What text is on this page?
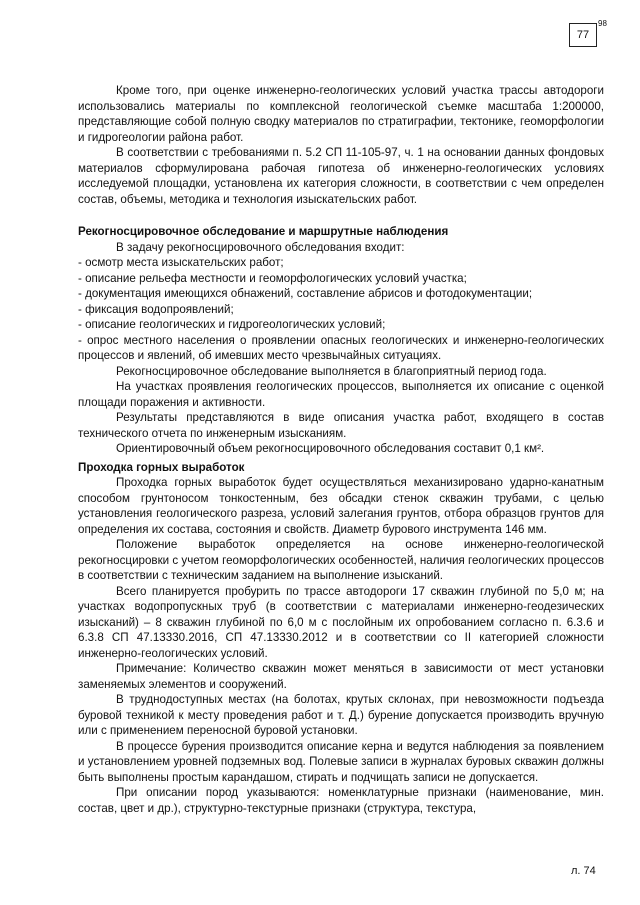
77
98

Кроме того, при оценке инженерно-геологических условий участка трассы автодороги использовались материалы по комплексной геологической съемке масштаба 1:200000, представляющие собой полную сводку материалов по стратиграфии, тектонике, геоморфологии и гидрогеологии района работ.

В соответствии с требованиями п. 5.2 СП 11-105-97, ч. 1 на основании данных фондовых материалов сформулирована рабочая гипотеза об инженерно-геологических условиях исследуемой площадки, установлена их категория сложности, в соответствии с чем определен состав, объемы, методика и технология изыскательских работ.

Рекогносцировочное обследование и маршрутные наблюдения

В задачу рекогносцировочного обследования входит:

- осмотр места изыскательских работ;

- описание рельефа местности и геоморфологических условий участка;

- документация имеющихся обнажений, составление абрисов и фотодокументации;

- фиксация водопроявлений;

- описание геологических и гидрогеологических условий;

- опрос местного населения о проявлении опасных геологических и инженерно-геологических процессов и явлений, об имевших место чрезвычайных ситуациях.

Рекогносцировочное обследование выполняется в благоприятный период года.

На участках проявления геологических процессов, выполняется их описание с оценкой площади поражения и активности.

Результаты представляются в виде описания участка работ, входящего в состав технического отчета по инженерным изысканиям.

Ориентировочный объем рекогносцировочного обследования составит 0,1 км².

Проходка горных выработок

Проходка горных выработок будет осуществляться механизировано ударно-канатным способом грунтоносом тонкостенным, без обсадки стенок скважин трубами, с целью установления геологического разреза, условий залегания грунтов, отбора образцов грунтов для определения их состава, состояния и свойств. Диаметр бурового инструмента 146 мм.

Положение выработок определяется на основе инженерно-геологической рекогносцировки с учетом геоморфологических особенностей, наличия геологических процессов в соответствии с техническим заданием на выполнение изысканий.

Всего планируется пробурить по трассе автодороги 17 скважин глубиной по 5,0 м; на участках водопропускных труб (в соответствии с материалами инженерно-геодезических изысканий) – 8 скважин глубиной по 6,0 м с послойным их опробованием согласно п. 6.3.6 и 6.3.8 СП 47.13330.2016, СП 47.13330.2012 и в соответствии со II категорией сложности инженерно-геологических условий.

Примечание: Количество скважин может меняться в зависимости от мест установки заменяемых элементов и сооружений.

В труднодоступных местах (на болотах, крутых склонах, при невозможности подъезда буровой техникой к месту проведения работ и т. Д.) бурение допускается производить вручную или с применением переносной буровой установки.

В процессе бурения производится описание керна и ведутся наблюдения за появлением и установлением уровней подземных вод. Полевые записи в журналах буровых скважин должны быть выполнены простым карандашом, стирать и подчищать записи не допускается.

При описании пород указываются: номенклатурные признаки (наименование, мин. состав, цвет и др.), структурно-текстурные признаки (структура, текстура,

л. 74
